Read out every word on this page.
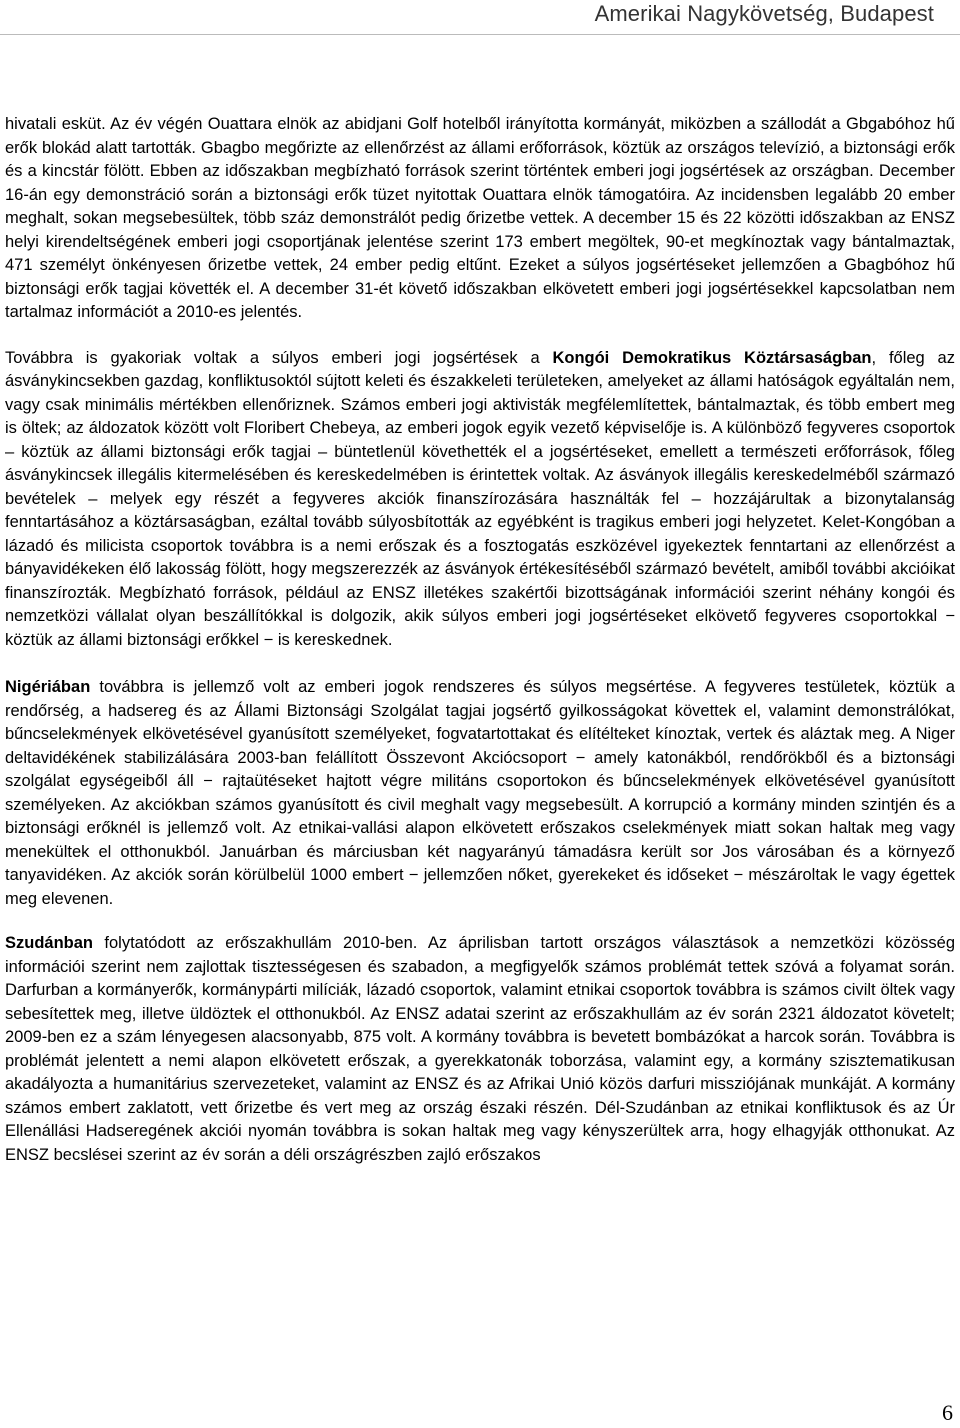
Amerikai Nagykövetség, Budapest

hivatali esküt. Az év végén Ouattara elnök az abidjani Golf hotelből irányította kormányát, miközben a szállodát a Gbgabóhoz hű erők blokád alatt tartották. Gbagbo megőrizte az ellenőrzést az állami erőforrások, köztük az országos televízió, a biztonsági erők és a kincstár fölött. Ebben az időszakban megbízható források szerint történtek emberi jogi jogsértések az országban. December 16-án egy demonstráció során a biztonsági erők tüzet nyitottak Ouattara elnök támogatóira. Az incidensben legalább 20 ember meghalt, sokan megsebesültek, több száz demonstrálót pedig őrizetbe vettek. A december 15 és 22 közötti időszakban az ENSZ helyi kirendeltségének emberi jogi csoportjának jelentése szerint 173 embert megöltek, 90-et megkínoztak vagy bántalmaztak, 471 személyt önkényesen őrizetbe vettek, 24 ember pedig eltűnt. Ezeket a súlyos jogsértéseket jellemzően a Gbagbóhoz hű biztonsági erők tagjai követték el. A december 31-ét követő időszakban elkövetett emberi jogi jogsértésekkel kapcsolatban nem tartalmaz információt a 2010-es jelentés.

Továbbra is gyakoriak voltak a súlyos emberi jogi jogsértések a Kongói Demokratikus Köztársaságban, főleg az ásványkincsekben gazdag, konfliktusoktól sújtott keleti és északkeleti területeken, amelyeket az állami hatóságok egyáltalán nem, vagy csak minimális mértékben ellenőriznek. Számos emberi jogi aktivisták megfélemlítettek, bántalmaztak, és több embert meg is öltek; az áldozatok között volt Floribert Chebeya, az emberi jogok egyik vezető képviselője is. A különböző fegyveres csoportok – köztük az állami biztonsági erők tagjai – büntetlenül követhették el a jogsértéseket, emellett a természeti erőforrások, főleg ásványkincsek illegális kitermelésében és kereskedelmében is érintettek voltak. Az ásványok illegális kereskedelméből származó bevételek – melyek egy részét a fegyveres akciók finanszírozására használták fel – hozzájárultak a bizonytalanság fenntartásához a köztársaságban, ezáltal tovább súlyosbították az egyébként is tragikus emberi jogi helyzetet. Kelet-Kongóban a lázadó és milicista csoportok továbbra is a nemi erőszak és a fosztogatás eszközével igyekeztek fenntartani az ellenőrzést a bányavidékeken élő lakosság fölött, hogy megszerezzék az ásványok értékesítéséből származó bevételt, amiből további akcióikat finanszírozták. Megbízható források, például az ENSZ illetékes szakértői bizottságának információi szerint néhány kongói és nemzetközi vállalat olyan beszállítókkal is dolgozik, akik súlyos emberi jogi jogsértéseket elkövető fegyveres csoportokkal − köztük az állami biztonsági erőkkel − is kereskednek.

Nigériában továbbra is jellemző volt az emberi jogok rendszeres és súlyos megsértése. A fegyveres testületek, köztük a rendőrség, a hadsereg és az Állami Biztonsági Szolgálat tagjai jogsértő gyilkosságokat követtek el, valamint demonstrálókat, bűncselekmények elkövetésével gyanúsított személyeket, fogvatartottakat és elítélteket kínoztak, vertek és aláztak meg. A Niger deltavidékének stabilizálására 2003-ban felállított Összevont Akciócsoport − amely katonákból, rendőrökből és a biztonsági szolgálat egységeiből áll − rajtaütéseket hajtott végre militáns csoportokon és bűncselekmények elkövetésével gyanúsított személyeken. Az akciókban számos gyanúsított és civil meghalt vagy megsebesült. A korrupció a kormány minden szintjén és a biztonsági erőknél is jellemző volt. Az etnikai-vallási alapon elkövetett erőszakos cselekmények miatt sokan haltak meg vagy menekültek el otthonukból. Januárban és márciusban két nagyarányú támadásra került sor Jos városában és a környező tanyavidéken. Az akciók során körülbelül 1000 embert − jellemzően nőket, gyerekeket és időseket − mészároltak le vagy égettek meg elevenen.

Szudánban folytatódott az erőszakhullám 2010-ben. Az áprilisban tartott országos választások a nemzetközi közösség információi szerint nem zajlottak tisztességesen és szabadon, a megfigyelők számos problémát tettek szóvá a folyamat során. Darfurban a kormányerők, kormánypárti milíciák, lázadó csoportok, valamint etnikai csoportok továbbra is számos civilt öltek vagy sebesítettek meg, illetve üldöztek el otthonukból. Az ENSZ adatai szerint az erőszakhullám az év során 2321 áldozatot követelt; 2009-ben ez a szám lényegesen alacsonyabb, 875 volt. A kormány továbbra is bevetett bombázókat a harcok során. Továbbra is problémát jelentett a nemi alapon elkövetett erőszak, a gyerekkatonák toborzása, valamint egy, a kormány szisztematikusan akadályozta a humanitárius szervezeteket, valamint az ENSZ és az Afrikai Unió közös darfuri missziójának munkáját. A kormány számos embert zaklatott, vett őrizetbe és vert meg az ország északi részén. Dél-Szudánban az etnikai konfliktusok és az Úr Ellenállási Hadseregének akciói nyomán továbbra is sokan haltak meg vagy kényszerültek arra, hogy elhagyják otthonukat. Az ENSZ becslései szerint az év során a déli országrészben zajló erőszakos

6
